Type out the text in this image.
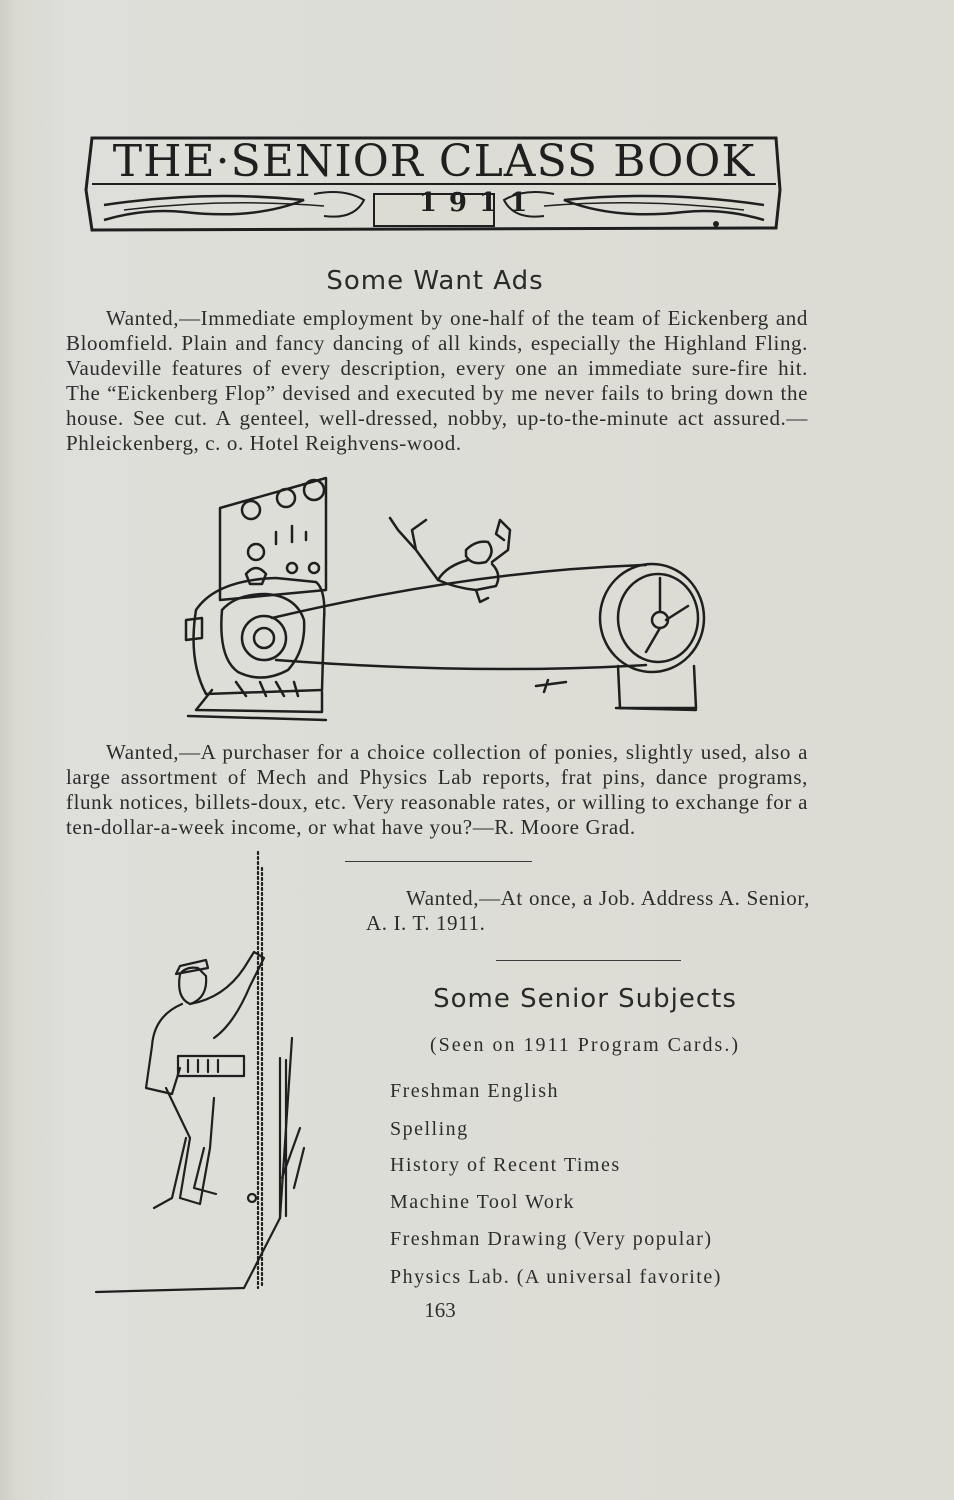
THE·SENIOR CLASS BOOK
1911
Some Want Ads
Wanted,—Immediate employment by one-half of the team of Eickenberg and Bloomfield. Plain and fancy dancing of all kinds, especially the Highland Fling. Vaudeville features of every description, every one an immediate sure-fire hit. The “Eickenberg Flop” devised and executed by me never fails to bring down the house. See cut. A genteel, well-dressed, nobby, up-to-the-minute act assured.—Phleickenberg, c. o. Hotel Reighvens-wood.
Wanted,—A purchaser for a choice collection of ponies, slightly used, also a large assortment of Mech and Physics Lab reports, frat pins, dance programs, flunk notices, billets-doux, etc. Very reasonable rates, or willing to exchange for a ten-dollar-a-week income, or what have you?—R. Moore Grad.
Wanted,—At once, a Job. Address A. Senior, A. I. T. 1911.
Some Senior Subjects
(Seen on 1911 Program Cards.)
Freshman English
Spelling
History of Recent Times
Machine Tool Work
Freshman Drawing (Very popular)
Physics Lab. (A universal favorite)
163
